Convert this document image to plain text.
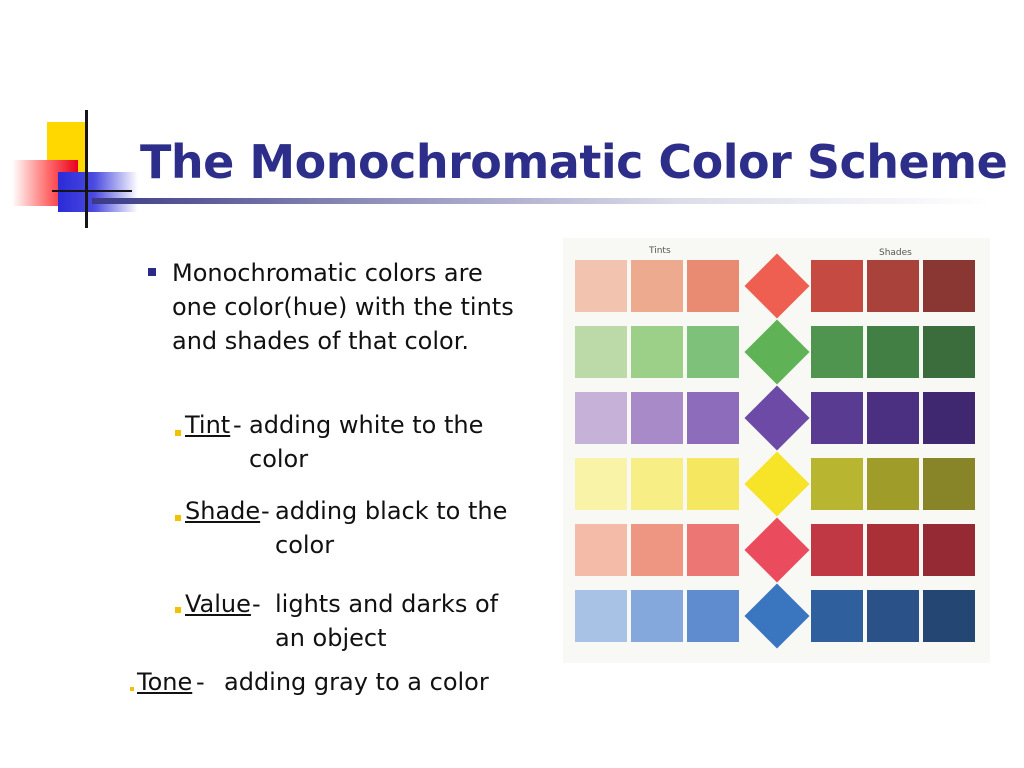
The Monochromatic Color Scheme
Monochromatic colors are one color(hue) with the tints and shades of that color.
Tint - adding white to the color
Shade - adding black to the color
Value - lights and darks of an object
Tone - adding gray to a color
Tints	Shades
